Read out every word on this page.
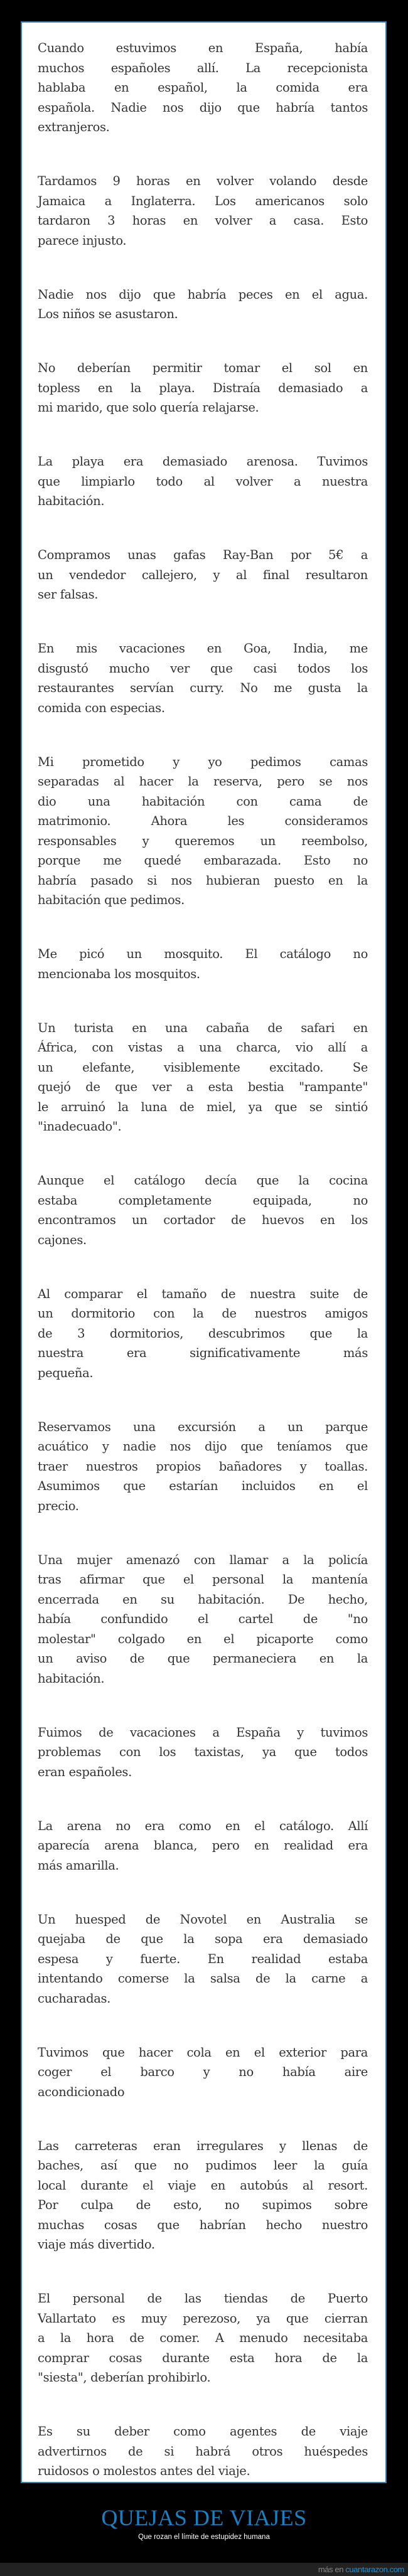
Cuando estuvimos en España, había
muchos españoles allí. La recepcionista
hablaba en español, la comida era
española. Nadie nos dijo que habría tantos
extranjeros.
Tardamos 9 horas en volver volando desde
Jamaica a Inglaterra. Los americanos solo
tardaron 3 horas en volver a casa. Esto
parece injusto.
Nadie nos dijo que habría peces en el agua.
Los niños se asustaron.
No deberían permitir tomar el sol en
topless en la playa. Distraía demasiado a
mi marido, que solo quería relajarse.
La playa era demasiado arenosa. Tuvimos
que limpiarlo todo al volver a nuestra
habitación.
Compramos unas gafas Ray-Ban por 5€ a
un vendedor callejero, y al final resultaron
ser falsas.
En mis vacaciones en Goa, India, me
disgustó mucho ver que casi todos los
restaurantes servían curry. No me gusta la
comida con especias.
Mi prometido y yo pedimos camas
separadas al hacer la reserva, pero se nos
dio una habitación con cama de
matrimonio. Ahora les consideramos
responsables y queremos un reembolso,
porque me quedé embarazada. Esto no
habría pasado si nos hubieran puesto en la
habitación que pedimos.
Me picó un mosquito. El catálogo no
mencionaba los mosquitos.
Un turista en una cabaña de safari en
África, con vistas a una charca, vio allí a
un elefante, visiblemente excitado. Se
quejó de que ver a esta bestia "rampante"
le arruinó la luna de miel, ya que se sintió
"inadecuado".
Aunque el catálogo decía que la cocina
estaba completamente equipada, no
encontramos un cortador de huevos en los
cajones.
Al comparar el tamaño de nuestra suite de
un dormitorio con la de nuestros amigos
de 3 dormitorios, descubrimos que la
nuestra era significativamente más
pequeña.
Reservamos una excursión a un parque
acuático y nadie nos dijo que teníamos que
traer nuestros propios bañadores y toallas.
Asumimos que estarían incluidos en el
precio.
Una mujer amenazó con llamar a la policía
tras afirmar que el personal la mantenía
encerrada en su habitación. De hecho,
había confundido el cartel de "no
molestar" colgado en el picaporte como
un aviso de que permaneciera en la
habitación.
Fuimos de vacaciones a España y tuvimos
problemas con los taxistas, ya que todos
eran españoles.
La arena no era como en el catálogo. Allí
aparecía arena blanca, pero en realidad era
más amarilla.
Un huesped de Novotel en Australia se
quejaba de que la sopa era demasiado
espesa y fuerte. En realidad estaba
intentando comerse la salsa de la carne a
cucharadas.
Tuvimos que hacer cola en el exterior para
coger el barco y no había aire
acondicionado
Las carreteras eran irregulares y llenas de
baches, así que no pudimos leer la guía
local durante el viaje en autobús al resort.
Por culpa de esto, no supimos sobre
muchas cosas que habrían hecho nuestro
viaje más divertido.
El personal de las tiendas de Puerto
Vallartato es muy perezoso, ya que cierran
a la hora de comer. A menudo necesitaba
comprar cosas durante esta hora de la
"siesta", deberían prohibirlo.
Es su deber como agentes de viaje
advertirnos de si habrá otros huéspedes
ruidosos o molestos antes del viaje.
QUEJAS DE VIAJES
Que rozan el límite de estupidez humana
más en cuantarazon.com
